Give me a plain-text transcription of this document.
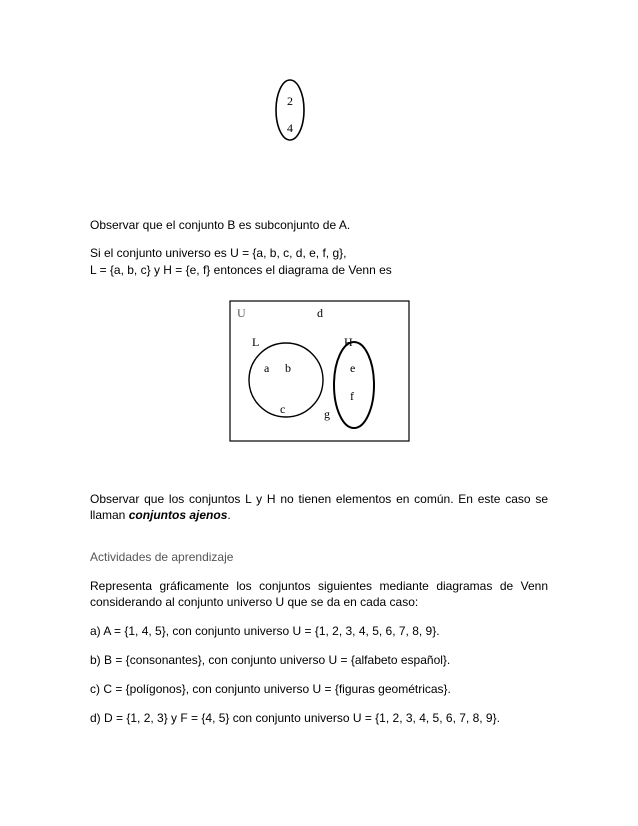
2
4
Observar que el conjunto B es subconjunto de A.
Si el conjunto universo es U = {a, b, c, d, e, f, g},
L = {a, b, c} y H = {e, f} entonces el diagrama de Venn es
U	d
L	H
a b
c	g
e
f
Observar que los conjuntos L y H no tienen elementos en común. En este caso se
llaman conjuntos ajenos.
Actividades de aprendizaje
Representa gráficamente los conjuntos siguientes mediante diagramas de Venn
considerando al conjunto universo U que se da en cada caso:
a) A = {1, 4, 5}, con conjunto universo U = {1, 2, 3, 4, 5, 6, 7, 8, 9}.
b) B = {consonantes}, con conjunto universo U = {alfabeto español}.
c) C = {polígonos}, con conjunto universo U = {figuras geométricas}.
d) D = {1, 2, 3} y F = {4, 5} con conjunto universo U = {1, 2, 3, 4, 5, 6, 7, 8, 9}.
